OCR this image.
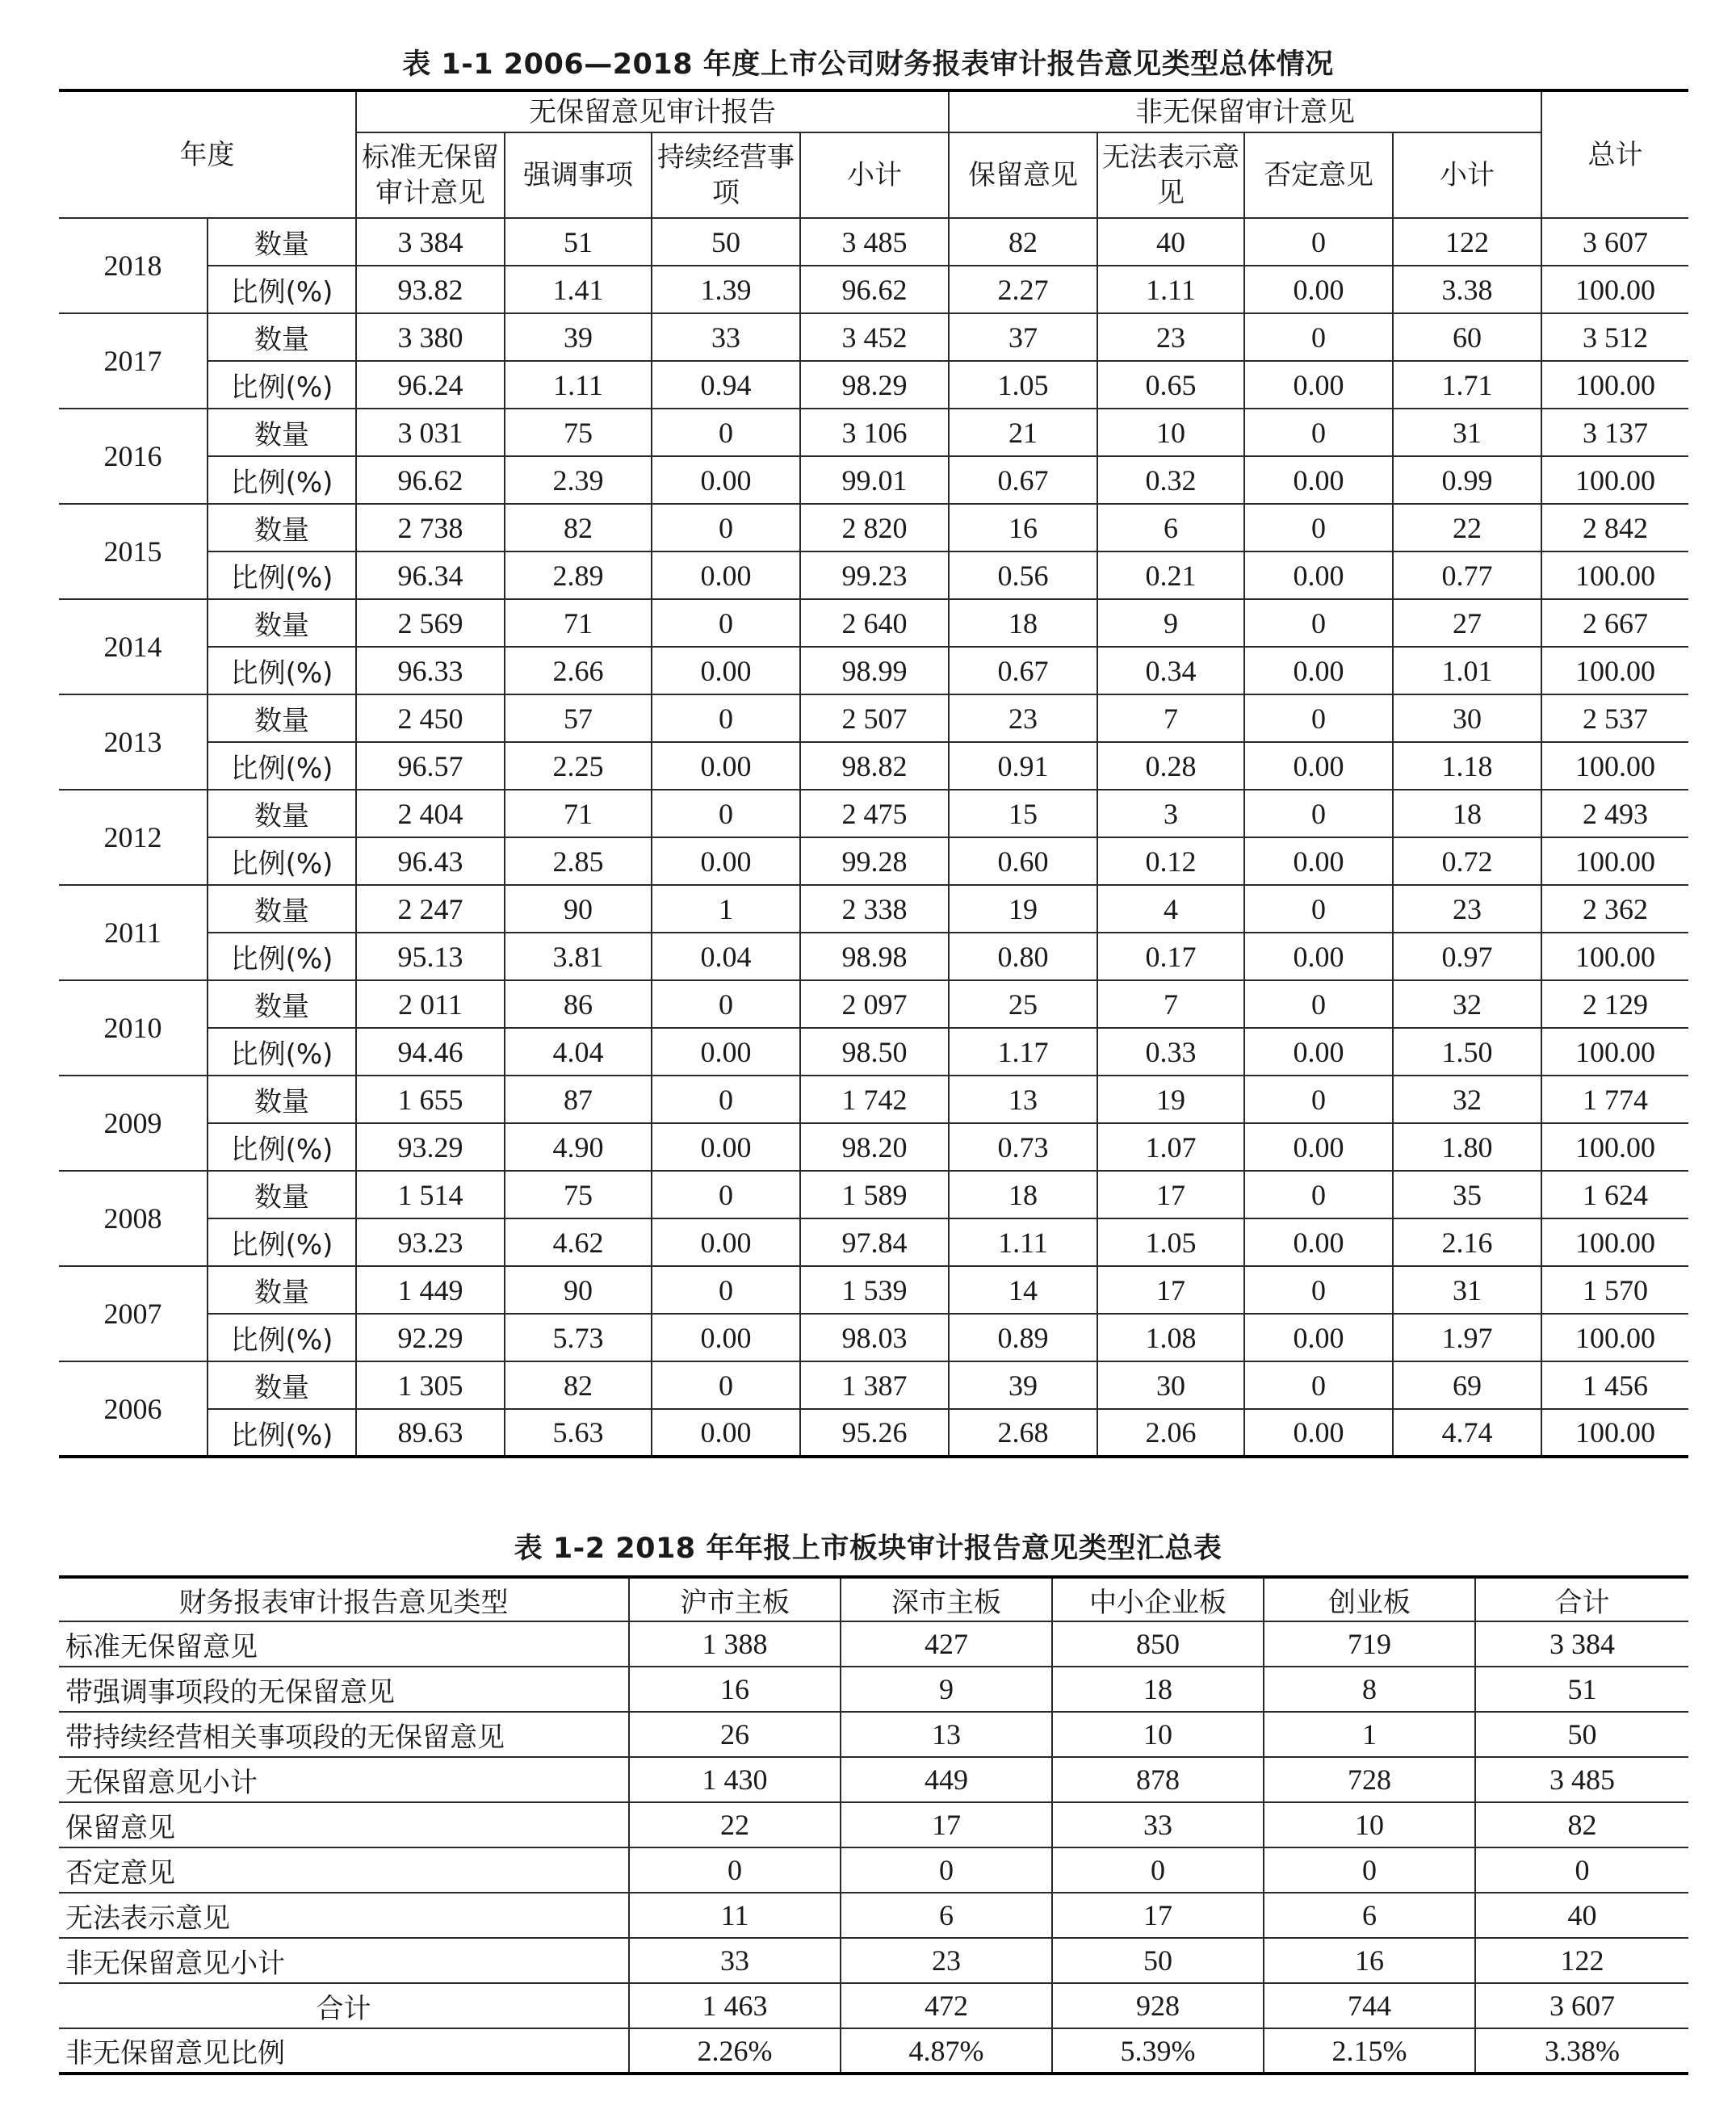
表 1-1 2006—2018 年度上市公司财务报表审计报告意见类型总体情况
年度		无保留意见审计报告				非无保留审计意见				总计
		标准无保留审计意见	强调事项	持续经营事项	小计	保留意见	无法表示意见	否定意见	小计	
2018	数量	3 384	51	50	3 485	82	40	0	122	3 607
	比例(%)	93.82	1.41	1.39	96.62	2.27	1.11	0.00	3.38	100.00
2017	数量	3 380	39	33	3 452	37	23	0	60	3 512
	比例(%)	96.24	1.11	0.94	98.29	1.05	0.65	0.00	1.71	100.00
2016	数量	3 031	75	0	3 106	21	10	0	31	3 137
	比例(%)	96.62	2.39	0.00	99.01	0.67	0.32	0.00	0.99	100.00
2015	数量	2 738	82	0	2 820	16	6	0	22	2 842
	比例(%)	96.34	2.89	0.00	99.23	0.56	0.21	0.00	0.77	100.00
2014	数量	2 569	71	0	2 640	18	9	0	27	2 667
	比例(%)	96.33	2.66	0.00	98.99	0.67	0.34	0.00	1.01	100.00
2013	数量	2 450	57	0	2 507	23	7	0	30	2 537
	比例(%)	96.57	2.25	0.00	98.82	0.91	0.28	0.00	1.18	100.00
2012	数量	2 404	71	0	2 475	15	3	0	18	2 493
	比例(%)	96.43	2.85	0.00	99.28	0.60	0.12	0.00	0.72	100.00
2011	数量	2 247	90	1	2 338	19	4	0	23	2 362
	比例(%)	95.13	3.81	0.04	98.98	0.80	0.17	0.00	0.97	100.00
2010	数量	2 011	86	0	2 097	25	7	0	32	2 129
	比例(%)	94.46	4.04	0.00	98.50	1.17	0.33	0.00	1.50	100.00
2009	数量	1 655	87	0	1 742	13	19	0	32	1 774
	比例(%)	93.29	4.90	0.00	98.20	0.73	1.07	0.00	1.80	100.00
2008	数量	1 514	75	0	1 589	18	17	0	35	1 624
	比例(%)	93.23	4.62	0.00	97.84	1.11	1.05	0.00	2.16	100.00
2007	数量	1 449	90	0	1 539	14	17	0	31	1 570
	比例(%)	92.29	5.73	0.00	98.03	0.89	1.08	0.00	1.97	100.00
2006	数量	1 305	82	0	1 387	39	30	0	69	1 456
	比例(%)	89.63	5.63	0.00	95.26	2.68	2.06	0.00	4.74	100.00
表 1-2 2018 年年报上市板块审计报告意见类型汇总表
财务报表审计报告意见类型	沪市主板	深市主板	中小企业板	创业板	合计
标准无保留意见	1 388	427	850	719	3 384
带强调事项段的无保留意见	16	9	18	8	51
带持续经营相关事项段的无保留意见	26	13	10	1	50
无保留意见小计	1 430	449	878	728	3 485
保留意见	22	17	33	10	82
否定意见	0	0	0	0	0
无法表示意见	11	6	17	6	40
非无保留意见小计	33	23	50	16	122
合计	1 463	472	928	744	3 607
非无保留意见比例	2.26%	4.87%	5.39%	2.15%	3.38%
